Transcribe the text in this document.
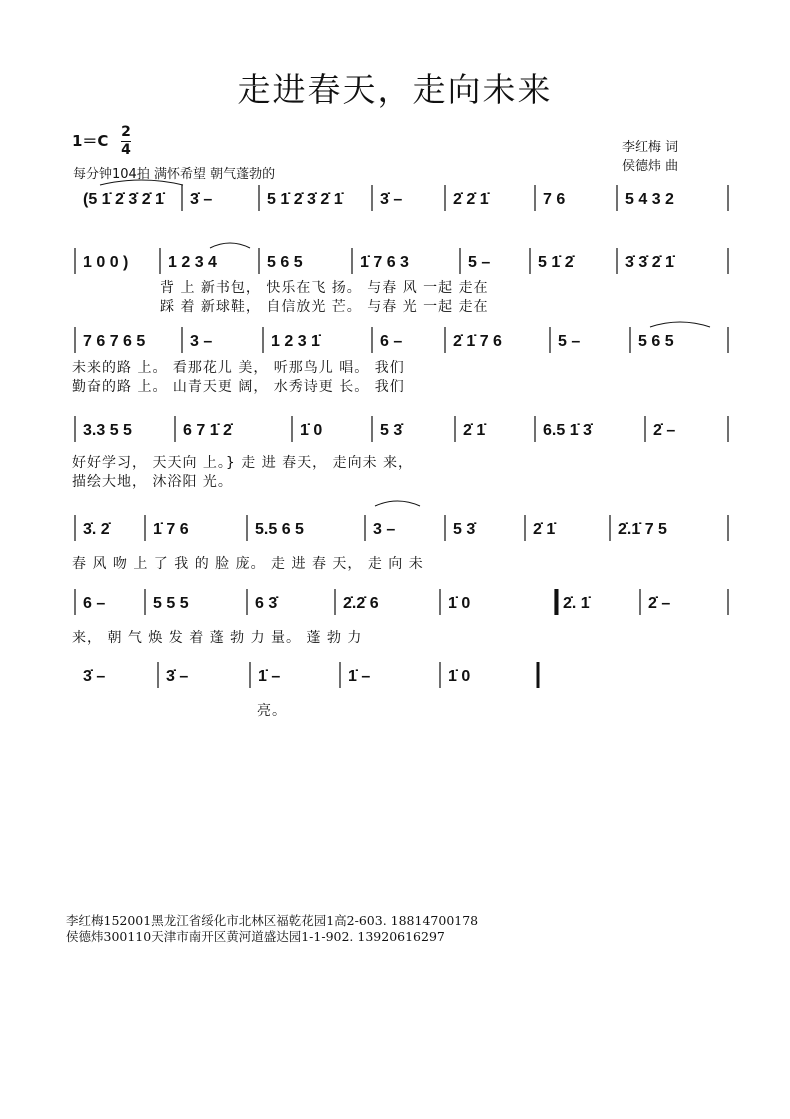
走进春天，走向未来
1＝C 2
4	李红梅 词
侯德炜 曲
每分钟104拍 满怀希望 朝气蓬勃的
(5 1̇ 2̇ 3̇ 2̇ 1̇ 3̇ –	5 1̇ 2̇ 3̇ 2̇ 1̇ 3̇ –	2̇ 2̇ 1̇	7 6	5 4 3 2
1 0 0 ) 1 2 3 4	5 6 5	1̇ 7 6 3	5 –	5 1̇ 2̇	3̇ 3̇ 2̇ 1̇
背 上 新书包， 快乐在飞 扬。 与春 风 一起 走在
踩 着 新球鞋， 自信放光 芒。 与春 光 一起 走在
7 6 7 6 5	3 –	1 2 3 1̇	6 –	2̇ 1̇ 7 6	5 –	5 6 5
未来的路 上。 看那花儿 美， 听那鸟儿 唱。 我们
勤奋的路 上。 山青天更 阔， 水秀诗更 长。 我们
3.3 5 5	6 7 1̇ 2̇	1̇ 0	5 3̇	2̇ 1̇	6.5 1̇ 3̇	2̇ –
好好学习， 天天向 上。} 走 进 春天， 走向未 来，
描绘大地， 沐浴阳 光。
3̇. 2̇	1̇ 7 6	5.5 6 5	3 –	5 3̇	2̇ 1̇	2̇.1̇ 7 5
春 风 吻 上 了 我 的 脸 庞。 走 进 春 天， 走 向 未
6 –	5 5 5	6 3̇	2̇.2̇ 6	1̇ 0	2̇. 1̇	2̇ –
来， 朝 气 焕 发 着 蓬 勃 力 量。 蓬 勃 力
3̇ –	3̇ –	1̇ –	1̇ –	1̇ 0
亮。
李红梅152001黑龙江省绥化市北林区福乾花园1高2-603. 18814700178
侯德炜300110天津市南开区黄河道盛达园1-1-902. 13920616297
